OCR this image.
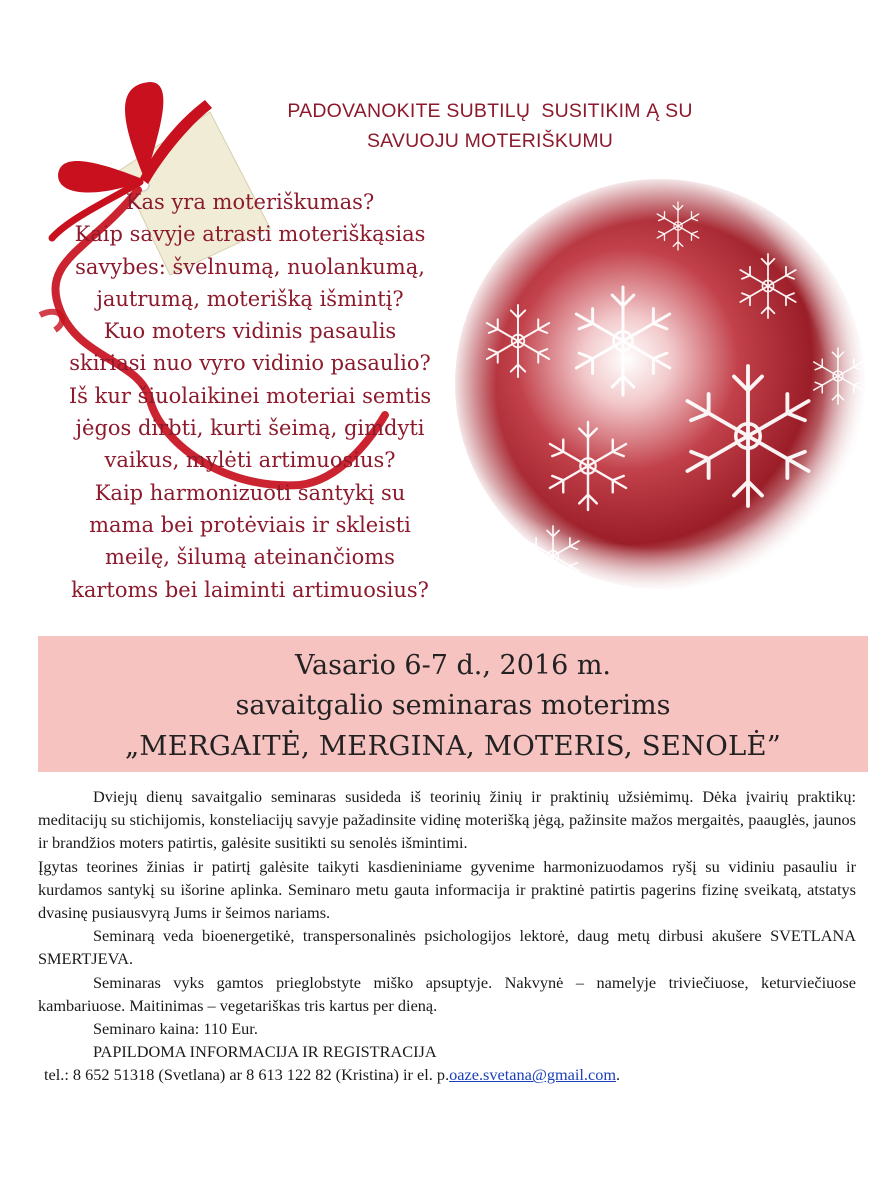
PADOVANOKITE SUBTILŲ  SUSITIKIM Ą SU
SAVUOJU MOTERIŠKUMU
Kas yra moteriškumas?
Kaip savyje atrasti moteriškąsias
savybes: švelnumą, nuolankumą,
jautrumą, moterišką išmintį?
Kuo moters vidinis pasaulis
skiriasi nuo vyro vidinio pasaulio?
Iš kur šiuolaikinei moteriai semtis
jėgos dirbti, kurti šeimą, gimdyti
vaikus, mylėti artimuosius?
Kaip harmonizuoti santykį su
mama bei protėviais ir skleisti
meilę, šilumą ateinančioms
kartoms bei laiminti artimuosius?
Vasario 6-7 d., 2016 m.
savaitgalio seminaras moterims
„MERGAITĖ, MERGINA, MOTERIS, SENOLĖ”

Dviejų dienų savaitgalio seminaras susideda iš teorinių žinių ir praktinių užsiėmimų. Dėka įvairių praktikų: meditacijų su stichijomis, konsteliacijų savyje pažadinsite vidinę moterišką jėgą, pažinsite mažos mergaitės, paauglės, jaunos ir brandžios moters patirtis, galėsite susitikti su senolės išmintimi.

Įgytas teorines žinias ir patirtį galėsite taikyti kasdieniniame gyvenime harmonizuodamos ryšį su vidiniu pasauliu ir kurdamos santykį su išorine aplinka. Seminaro metu gauta informacija ir praktinė patirtis pagerins fizinę sveikatą, atstatys dvasinę pusiausvyrą Jums ir šeimos nariams.

Seminarą veda bioenergetikė, transpersonalinės psichologijos lektorė, daug metų dirbusi akušere SVETLANA SMERTJEVA.

Seminaras vyks gamtos prieglobstyte miško apsuptyje. Nakvynė – namelyje triviečiuose, keturviečiuose kambariuose. Maitinimas – vegetariškas tris kartus per dieną.

Seminaro kaina: 110 Eur.

PAPILDOMA INFORMACIJA IR REGISTRACIJA

tel.: 8 652 51318 (Svetlana) ar 8 613 122 82 (Kristina) ir el. p.oaze.svetana@gmail.com.
